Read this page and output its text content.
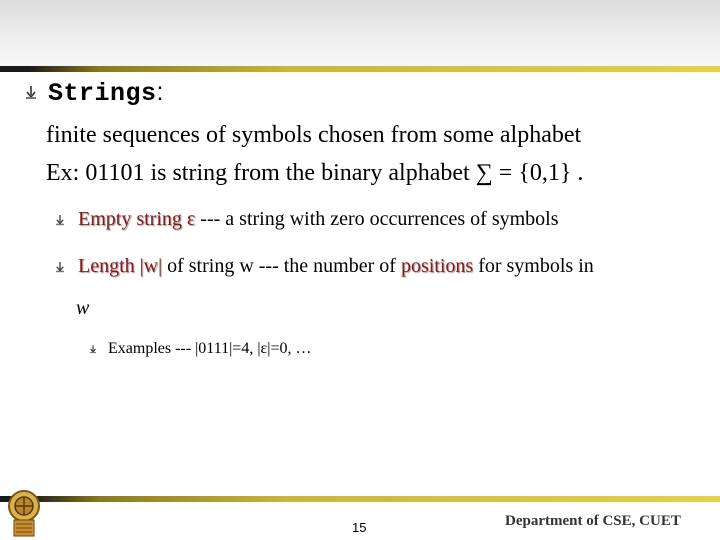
Strings:
finite sequences of symbols chosen from some alphabet
Ex: 01101 is string from the binary alphabet ∑ = {0,1} .
Empty string ε --- a string with zero occurrences of symbols
Length |w| of string w --- the number of positions for symbols in
w
Examples --- |0111|=4, |ε|=0, …
15	Department of CSE, CUET
